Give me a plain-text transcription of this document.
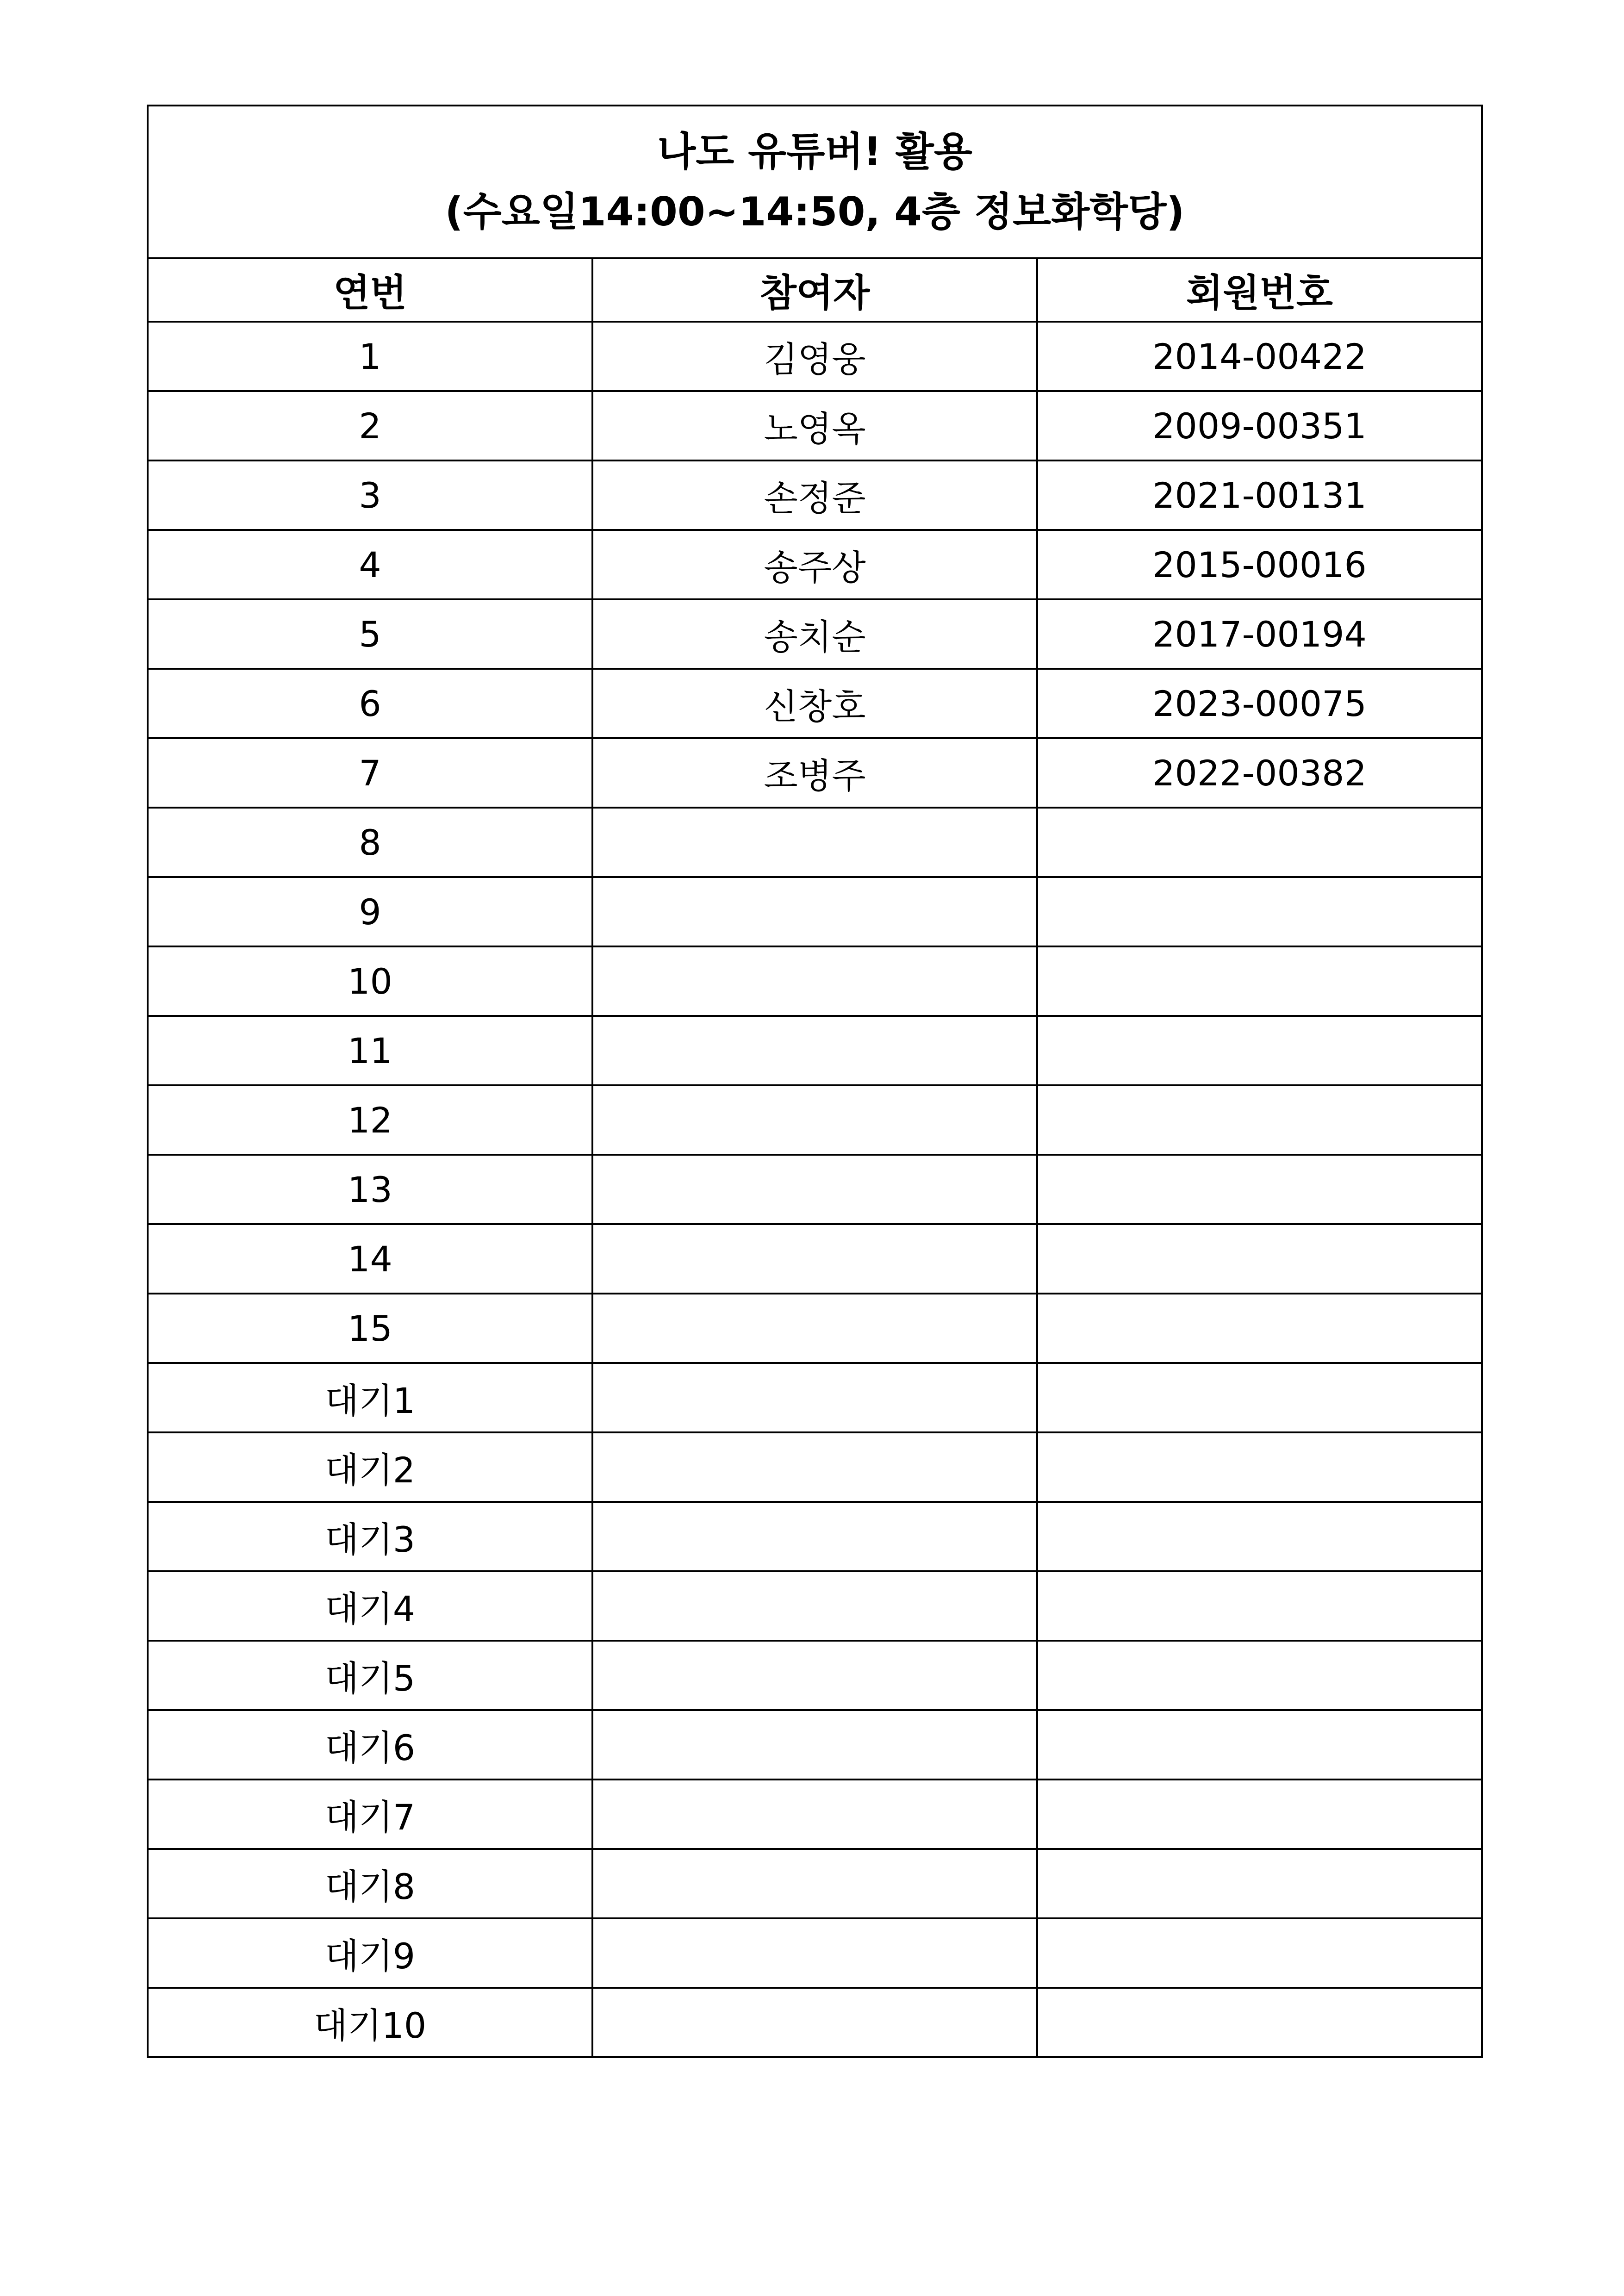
나도 유튜버! 활용
(수요일14:00~14:50, 4층 정보화학당)		

연번	참여자	회원번호
1	김영웅	2014-00422
2	노영옥	2009-00351
3	손정준	2021-00131
4	송주상	2015-00016
5	송치순	2017-00194
6	신창호	2023-00075
7	조병주	2022-00382
8		
9		
10		
11		
12		
13		
14		
15		
대기1		
대기2		
대기3		
대기4		
대기5		
대기6		
대기7		
대기8		
대기9		
대기10		
